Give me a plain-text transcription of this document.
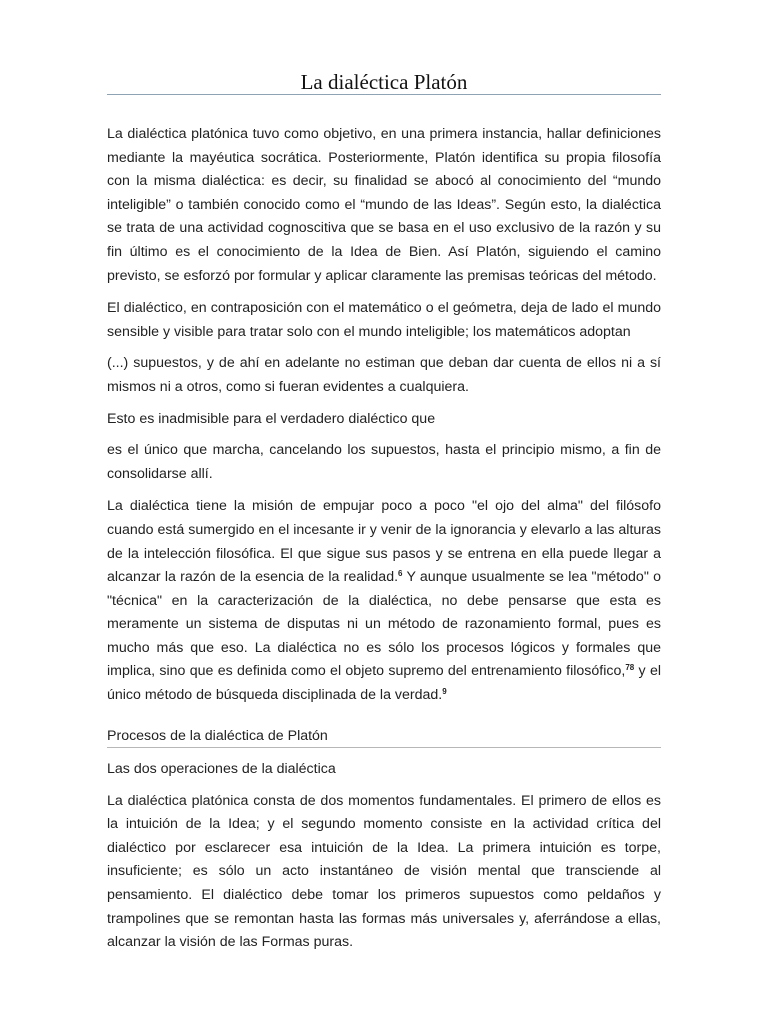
La dialéctica Platón

La dialéctica platónica tuvo como objetivo, en una primera instancia, hallar definiciones mediante la mayéutica socrática. Posteriormente, Platón identifica su propia filosofía con la misma dialéctica: es decir, su finalidad se abocó al conocimiento del “mundo inteligible” o también conocido como el “mundo de las Ideas”. Según esto, la dialéctica se trata de una actividad cognoscitiva que se basa en el uso exclusivo de la razón y su fin último es el conocimiento de la Idea de Bien. Así Platón, siguiendo el camino previsto, se esforzó por formular y aplicar claramente las premisas teóricas del método.

El dialéctico, en contraposición con el matemático o el geómetra, deja de lado el mundo sensible y visible para tratar solo con el mundo inteligible; los matemáticos adoptan

(...) supuestos, y de ahí en adelante no estiman que deban dar cuenta de ellos ni a sí mismos ni a otros, como si fueran evidentes a cualquiera.

Esto es inadmisible para el verdadero dialéctico que

es el único que marcha, cancelando los supuestos, hasta el principio mismo, a fin de consolidarse allí.

La dialéctica tiene la misión de empujar poco a poco "el ojo del alma" del filósofo cuando está sumergido en el incesante ir y venir de la ignorancia y elevarlo a las alturas de la intelección filosófica. El que sigue sus pasos y se entrena en ella puede llegar a alcanzar la razón de la esencia de la realidad.$^6$ Y aunque usualmente se lea "método" o "técnica" en la caracterización de la dialéctica, no debe pensarse que esta es meramente un sistema de disputas ni un método de razonamiento formal, pues es mucho más que eso. La dialéctica no es sólo los procesos lógicos y formales que implica, sino que es definida como el objeto supremo del entrenamiento filosófico,$^{78}$ y el único método de búsqueda disciplinada de la verdad.$^9$

Procesos de la dialéctica de Platón
Las dos operaciones de la dialéctica

La dialéctica platónica consta de dos momentos fundamentales. El primero de ellos es la intuición de la Idea; y el segundo momento consiste en la actividad crítica del dialéctico por esclarecer esa intuición de la Idea. La primera intuición es torpe, insuficiente; es sólo un acto instantáneo de visión mental que transciende al pensamiento. El dialéctico debe tomar los primeros supuestos como peldaños y trampolines que se remontan hasta las formas más universales y, aferrándose a ellas, alcanzar la visión de las Formas puras.
